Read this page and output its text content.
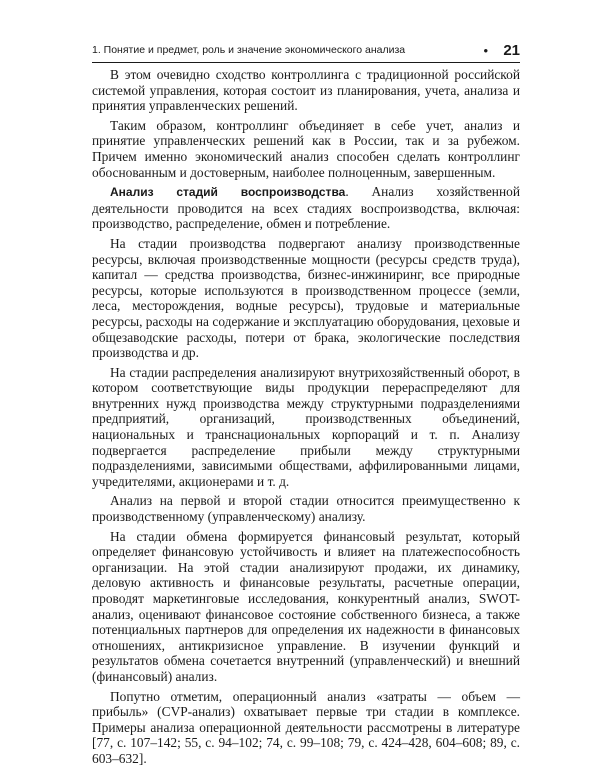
1. Понятие и предмет, роль и значение экономического анализа	• 21

В этом очевидно сходство контроллинга с традиционной российской системой управления, которая состоит из планирования, учета, анализа и принятия управленческих решений.

Таким образом, контроллинг объединяет в себе учет, анализ и принятие управленческих решений как в России, так и за рубежом. Причем именно экономический анализ способен сделать контроллинг обоснованным и достоверным, наиболее полноценным, завершенным.

Анализ стадий воспроизводства. Анализ хозяйственной деятельности проводится на всех стадиях воспроизводства, включая: производство, распределение, обмен и потребление.

На стадии производства подвергают анализу производственные ресурсы, включая производственные мощности (ресурсы средств труда), капитал — средства производства, бизнес-инжиниринг, все природные ресурсы, которые используются в производственном процессе (земли, леса, месторождения, водные ресурсы), трудовые и материальные ресурсы, расходы на содержание и эксплуатацию оборудования, цеховые и общезаводские расходы, потери от брака, экологические последствия производства и др.

На стадии распределения анализируют внутрихозяйственный оборот, в котором соответствующие виды продукции перераспределяют для внутренних нужд производства между структурными подразделениями предприятий, организаций, производственных объединений, национальных и транснациональных корпораций и т. п. Анализу подвергается распределение прибыли между структурными подразделениями, зависимыми обществами, аффилированными лицами, учредителями, акционерами и т. д.

Анализ на первой и второй стадии относится преимущественно к производственному (управленческому) анализу.

На стадии обмена формируется финансовый результат, который определяет финансовую устойчивость и влияет на платежеспособность организации. На этой стадии анализируют продажи, их динамику, деловую активность и финансовые результаты, расчетные операции, проводят маркетинговые исследования, конкурентный анализ, SWOT-анализ, оценивают финансовое состояние собственного бизнеса, а также потенциальных партнеров для определения их надежности в финансовых отношениях, антикризисное управление. В изучении функций и результатов обмена сочетается внутренний (управленческий) и внешний (финансовый) анализ.

Попутно отметим, операционный анализ «затраты — объем — прибыль» (CVP-анализ) охватывает первые три стадии в комплексе. Примеры анализа операционной деятельности рассмотрены в литературе [77, с. 107–142; 55, с. 94–102; 74, с. 99–108; 79, с. 424–428, 604–608; 89, с. 603–632].
